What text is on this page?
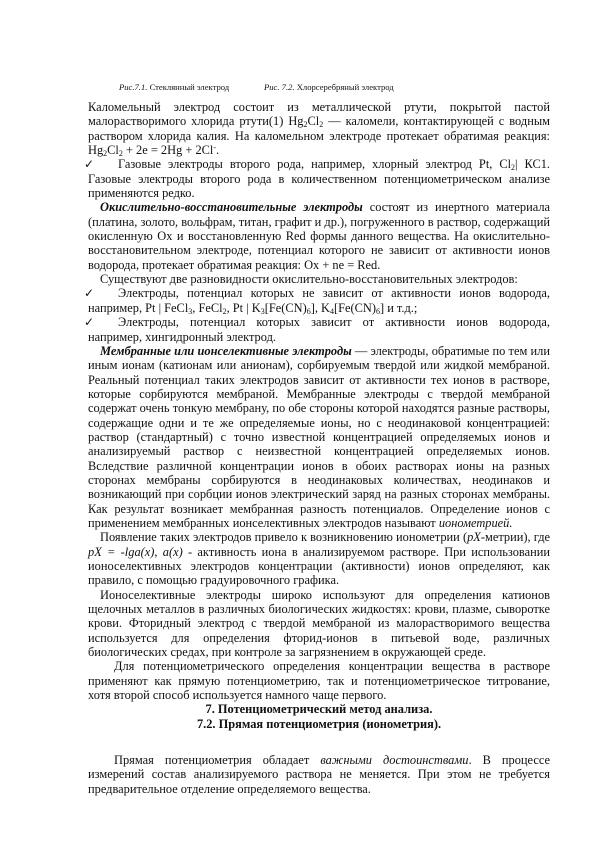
Рис.7.1. Стеклянный электрод	Рис. 7.2. Хлорсеребряный электрод

Каломельный электрод состоит из металлической ртути, покрытой пастой малорастворимого хлорида ртути(1) $Hg_2Cl_2$ — каломели, контактирующей с водным раствором хлорида калия. На каломельном электроде протекает обратимая реакция: $Hg_2Cl_2 + 2е = 2Hg + 2Cl^-$.

✓ Газовые электроды второго рода, например, хлорный электрод Pt, $Cl_2|$ КС1. Газовые электроды второго рода в количественном потенциометрическом анализе применяются редко.

Окислительно-восстановительные электроды состоят из инертного материала (платина, золото, вольфрам, титан, графит и др.), погруженного в раствор, содержащий окисленную Ох и восстановленную Red формы данного вещества. На окислительно-восстановительном электроде, потенциал которого не зависит от активности ионов водорода, протекает обратимая реакция: Ох + nе = Red.

Существуют две разновидности окислительно-восстановительных электродов:

✓ Электроды, потенциал которых не зависит от активности ионов водорода, например, Pt | FeCl$_3$, FeCl$_2$, Pt | $K_3[Fe(CN)_6]$, $K_4[Fe(CN)_6]$ и т.д.;

✓ Электроды, потенциал которых зависит от активности ионов водорода, например, хингидронный электрод.

Мембранные или ионселективные электроды — электроды, обратимые по тем или иным ионам (катионам или анионам), сорбируемым твердой или жидкой мембраной. Реальный потенциал таких электродов зависит от активности тех ионов в растворе, которые сорбируются мембраной. Мембранные электроды с твердой мембраной содержат очень тонкую мембрану, по обе стороны которой находятся разные растворы, содержащие одни и те же определяемые ионы, но с неодинаковой концентрацией: раствор (стандартный) с точно известной концентрацией определяемых ионов и анализируемый раствор с неизвестной концентрацией определяемых ионов. Вследствие различной концентрации ионов в обоих растворах ионы на разных сторонах мембраны сорбируются в неодинаковых количествах, неодинаков и возникающий при сорбции ионов электрический заряд на разных сторонах мембраны. Как результат возникает мембранная разность потенциалов. Определение ионов с применением мембранных ионселективных электродов называют ионометрией.

Появление таких электродов привело к возникновению ионометрии (рХ-метрии), где рХ = -lga(x), a(x) - активность иона в анализируемом растворе. При использовании ионоселективных электродов концентрации (активности) ионов определяют, как правило, с помощью градуировочного графика.

Ионоселективные электроды широко используют для определения катионов щелочных металлов в различных биологических жидкостях: крови, плазме, сыворотке крови. Фторидный электрод с твердой мембраной из малорастворимого вещества используется для определения фторид-ионов в питьевой воде, различных биологических средах, при контроле за загрязнением в окружающей среде.

Для потенциометрического определения концентрации вещества в растворе применяют как прямую потенциометрию, так и потенциометрическое титрование, хотя второй способ используется намного чаще первого.

7. Потенциометрический метод анализа.

7.2. Прямая потенциометрия (ионометрия).

Прямая потенциометрия обладает важными достоинствами. В процессе измерений состав анализируемого раствора не меняется. При этом не требуется предварительное отделение определяемого вещества.
